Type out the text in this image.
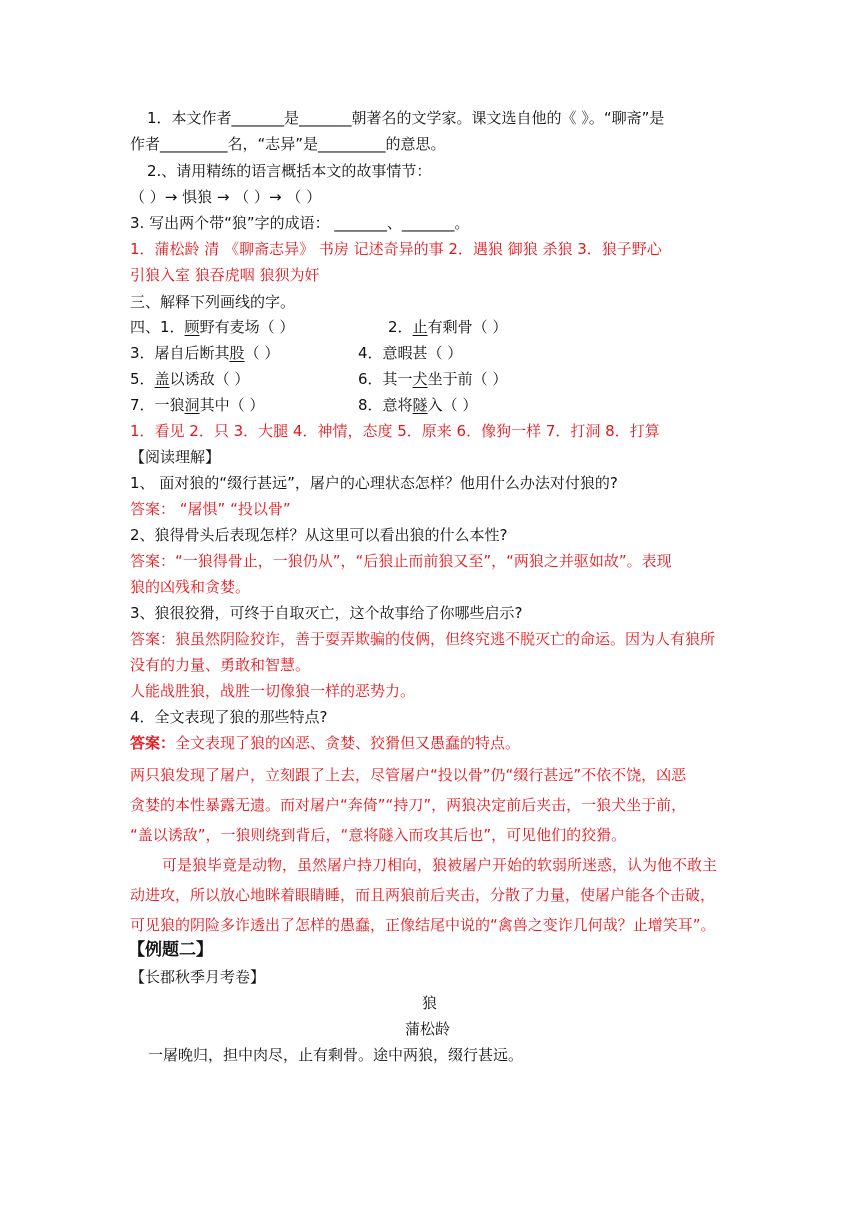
1．本文作者_______是_______朝著名的文学家。课文选自他的《 》。“聊斋”是
作者_________名，“志异”是_________的意思。
2.、请用精练的语言概括本文的故事情节：
（ ）→ 惧狼 → （ ）→ （ ）
3. 写出两个带“狼”字的成语： _______、_______。
1．蒲松龄 清 《聊斋志异》 书房 记述奇异的事 2．遇狼 御狼 杀狼 3．狼子野心
引狼入室 狼吞虎咽 狼狈为奸
三、解释下列画线的字。
四、1．顾野有麦场（ ）	2．止有剩骨（ ）
3．屠自后断其股（ ）	4．意暇甚（ ）
5．盖以诱敌（ ）	6．其一犬坐于前（ ）
7．一狼洞其中（ ）	8．意将隧入（ ）
1．看见 2．只 3．大腿 4．神情，态度 5．原来 6．像狗一样 7．打洞 8．打算
【阅读理解】
1、 面对狼的“缀行甚远”，屠户的心理状态怎样？他用什么办法对付狼的?
答案： “屠惧” “投以骨”
2、狼得骨头后表现怎样？从这里可以看出狼的什么本性?
答案：“一狼得骨止，一狼仍从”，“后狼止而前狼又至”，“两狼之并驱如故”。表现
狼的凶残和贪婪。
3、狼很狡猾，可终于自取灭亡，这个故事给了你哪些启示?
答案：狼虽然阴险狡诈，善于耍弄欺骗的伎俩，但终究逃不脱灭亡的命运。因为人有狼所
没有的力量、勇敢和智慧。
人能战胜狼，战胜一切像狼一样的恶势力。
4．全文表现了狼的那些特点?
答案：全文表现了狼的凶恶、贪婪、狡猾但又愚蠢的特点。
两只狼发现了屠户，立刻跟了上去，尽管屠户“投以骨”仍“缀行甚远”不依不饶，凶恶
贪婪的本性暴露无遗。而对屠户“奔倚”“持刀”，两狼决定前后夹击，一狼犬坐于前，
“盖以诱敌”，一狼则绕到背后，“意将隧入而攻其后也”，可见他们的狡猾。
可是狼毕竟是动物，虽然屠户持刀相向，狼被屠户开始的软弱所迷惑，认为他不敢主
动进攻，所以放心地眯着眼睛睡，而且两狼前后夹击，分散了力量，使屠户能各个击破，
可见狼的阴险多诈透出了怎样的愚蠢，正像结尾中说的“禽兽之变诈几何哉？止增笑耳”。
【例题二】
【长郡秋季月考卷】
狼
蒲松龄
一屠晚归，担中肉尽，止有剩骨。途中两狼，缀行甚远。
